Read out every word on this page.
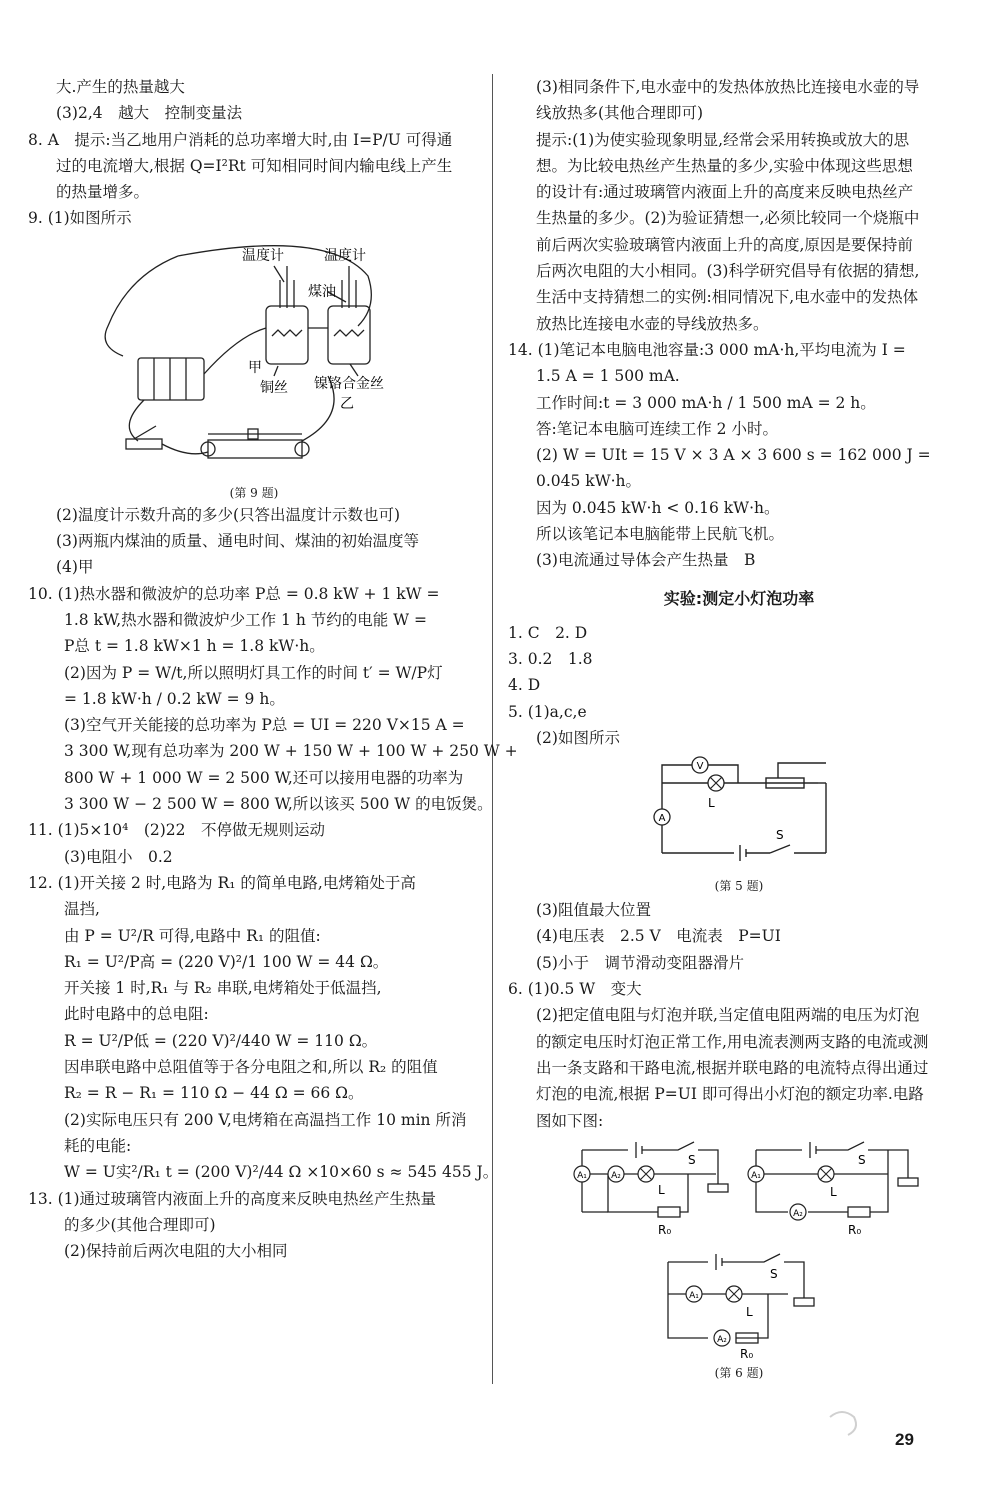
大.产生的热量越大
(3)2,4　越大　控制变量法
8. A　提示:当乙地用户消耗的总功率增大时,由 I=P/U 可得通
过的电流增大,根据 Q=I²Rt 可知相同时间内输电线上产生
的热量增多。
9. (1)如图所示
温度计	温度计
煤油
甲
铜丝 镍铬合金丝
乙
(第 9 题)
(2)温度计示数升高的多少(只答出温度计示数也可)
(3)两瓶内煤油的质量、通电时间、煤油的初始温度等
(4)甲
10. (1)热水器和微波炉的总功率 P总 = 0.8 kW + 1 kW =
1.8 kW,热水器和微波炉少工作 1 h 节约的电能 W =
P总 t = 1.8 kW×1 h = 1.8 kW·h。
(2)因为 P = W/t,所以照明灯具工作的时间 t′ = W/P灯
= 1.8 kW·h / 0.2 kW = 9 h。
(3)空气开关能接的总功率为 P总 = UI = 220 V×15 A =
3 300 W,现有总功率为 200 W + 150 W + 100 W + 250 W +
800 W + 1 000 W = 2 500 W,还可以接用电器的功率为
3 300 W − 2 500 W = 800 W,所以该买 500 W 的电饭煲。
11. (1)5×10⁴　(2)22　不停做无规则运动
(3)电阻小　0.2
12. (1)开关接 2 时,电路为 R₁ 的简单电路,电烤箱处于高
温挡,
由 P = U²/R 可得,电路中 R₁ 的阻值:
R₁ = U²/P高 = (220 V)²/1 100 W = 44 Ω。
开关接 1 时,R₁ 与 R₂ 串联,电烤箱处于低温挡,
此时电路中的总电阻:
R = U²/P低 = (220 V)²/440 W = 110 Ω。
因串联电路中总阻值等于各分电阻之和,所以 R₂ 的阻值
R₂ = R − R₁ = 110 Ω − 44 Ω = 66 Ω。
(2)实际电压只有 200 V,电烤箱在高温挡工作 10 min 所消
耗的电能:
W = U实²/R₁ t = (200 V)²/44 Ω ×10×60 s ≈ 545 455 J。
13. (1)通过玻璃管内液面上升的高度来反映电热丝产生热量
的多少(其他合理即可)
(2)保持前后两次电阻的大小相同
(3)相同条件下,电水壶中的发热体放热比连接电水壶的导
线放热多(其他合理即可)
提示:(1)为使实验现象明显,经常会采用转换或放大的思
想。为比较电热丝产生热量的多少,实验中体现这些思想
的设计有:通过玻璃管内液面上升的高度来反映电热丝产
生热量的多少。(2)为验证猜想一,必须比较同一个烧瓶中
前后两次实验玻璃管内液面上升的高度,原因是要保持前
后两次电阻的大小相同。(3)科学研究倡导有依据的猜想,
生活中支持猜想二的实例:相同情况下,电水壶中的发热体
放热比连接电水壶的导线放热多。
14. (1)笔记本电脑电池容量:3 000 mA·h,平均电流为 I =
1.5 A = 1 500 mA.
工作时间:t = 3 000 mA·h / 1 500 mA = 2 h。
答:笔记本电脑可连续工作 2 小时。
(2) W = UIt = 15 V × 3 A × 3 600 s = 162 000 J =
0.045 kW·h。
因为 0.045 kW·h < 0.16 kW·h。
所以该笔记本电脑能带上民航飞机。
(3)电流通过导体会产生热量　B
实验:测定小灯泡功率
1. C　2. D
3. 0.2　1.8
4. D
5. (1)a,c,e
(2)如图所示
V
L
A
S
(第 5 题)
(3)阻值最大位置
(4)电压表　2.5 V　电流表　P=UI
(5)小于　调节滑动变阻器滑片
6. (1)0.5 W　变大
(2)把定值电阻与灯泡并联,当定值电阻两端的电压为灯泡
的额定电压时灯泡正常工作,用电流表测两支路的电流或测
出一条支路和干路电流,根据并联电路的电流特点得出通过
灯泡的电流,根据 P=UI 即可得出小灯泡的额定功率.电路
图如下图:
A₁	A₂
L
S
R₀
A₁
A₂
L
S
R₀
A₁
A₂
L
S
R₀
(第 6 题)
29
